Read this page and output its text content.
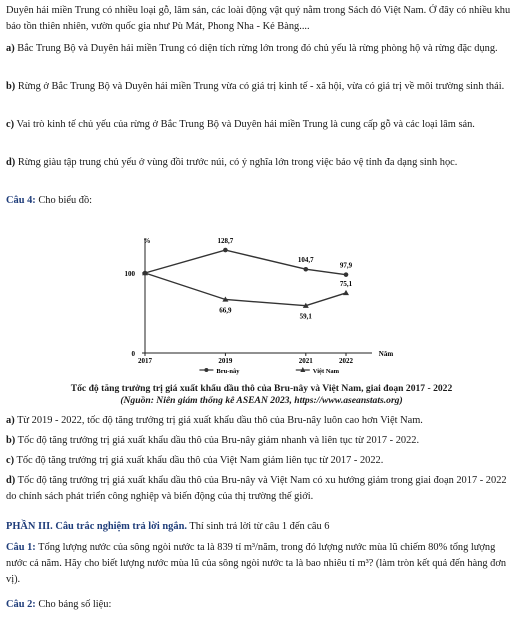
Duyên hải miền Trung có nhiều loại gỗ, lâm sản, các loài động vật quý nằm trong Sách đỏ Việt Nam. Ở đây có nhiều khu bảo tồn thiên nhiên, vườn quốc gia như Pù Mát, Phong Nha - Kẻ Bàng....

a) Bắc Trung Bộ và Duyên hải miền Trung có diện tích rừng lớn trong đó chủ yếu là rừng phòng hộ và rừng đặc dụng.

b) Rừng ở Bắc Trung Bộ và Duyên hải miền Trung vừa có giá trị kinh tế - xã hội, vừa có giá trị về môi trường sinh thái.

c) Vai trò kinh tế chủ yếu của rừng ở Bắc Trung Bộ và Duyên hải miền Trung là cung cấp gỗ và các loại lâm sản.

d) Rừng giàu tập trung chủ yếu ở vùng đồi trước núi, có ý nghĩa lớn trong việc bảo vệ tỉnh đa dạng sinh học.

Câu 4: Cho biểu đồ:

%
Năm
0
100
2017	2019	2021	2022
128,7
104,7
97,9
66,9
59,1
75,1
Bru-nây	Việt Nam
Tốc độ tăng trưởng trị giá xuất khẩu dầu thô của Bru-nây và Việt Nam, giai đoạn 2017 - 2022
(Nguồn: Niên giám thống kê ASEAN 2023, https://www.aseanstats.org)

a) Từ 2019 - 2022, tốc độ tăng trưởng trị giá xuất khẩu dầu thô của Bru-nây luôn cao hơn Việt Nam.

b) Tốc độ tăng trưởng trị giá xuất khẩu dầu thô của Bru-nây giảm nhanh và liên tục từ 2017 - 2022.

c) Tốc độ tăng trưởng trị giá xuất khẩu dầu thô của Việt Nam giảm liên tục từ 2017 - 2022.

d) Tốc độ tăng trưởng trị giá xuất khẩu dầu thô của Bru-nây và Việt Nam có xu hướng giảm trong giai đoạn 2017 - 2022 do chính sách phát triển công nghiệp và biến động của thị trường thế giới.

PHẦN III. Câu trắc nghiệm trả lời ngắn. Thí sinh trả lời từ câu 1 đến câu 6

Câu 1: Tổng lượng nước của sông ngòi nước ta là 839 tỉ m³/năm, trong đó lượng nước mùa lũ chiếm 80% tổng lượng nước cả năm. Hãy cho biết lượng nước mùa lũ của sông ngòi nước ta là bao nhiêu tỉ m³? (làm tròn kết quả đến hàng đơn vị).

Câu 2: Cho bảng số liệu:
